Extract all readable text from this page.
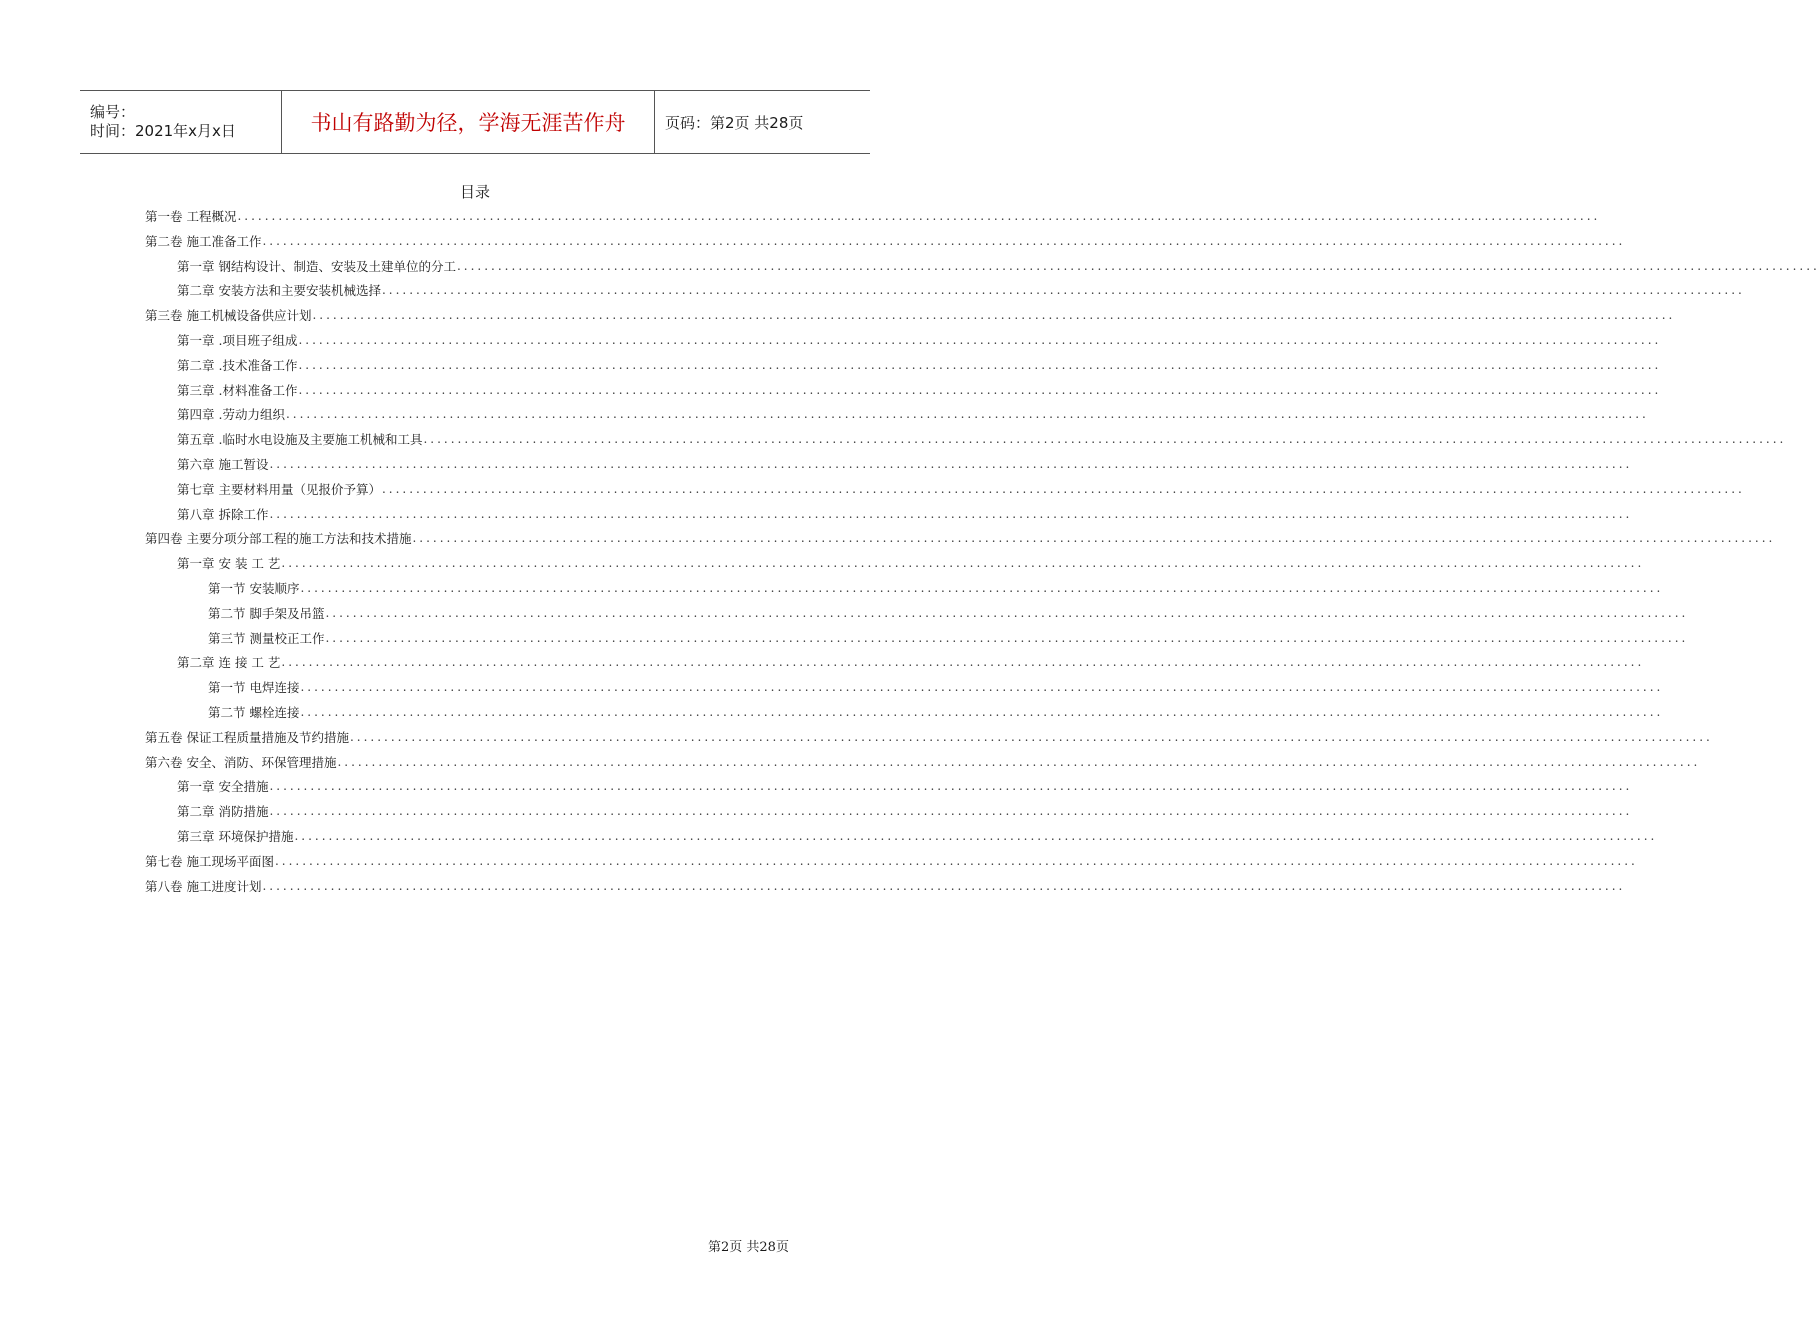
编号：
时间：2021年x月x日	书山有路勤为径，学海无涯苦作舟	页码：第2页 共28页
目录
第一卷 工程概况 ........................................................................................................................................................................................................
第二卷 施工准备工作 ........................................................................................................................................................................................................
第一章 钢结构设计、制造、安装及土建单位的分工 ........................................................................................................................................................................................................
第二章 安装方法和主要安装机械选择 ........................................................................................................................................................................................................
第三卷 施工机械设备供应计划 ........................................................................................................................................................................................................
第一章 .项目班子组成 ........................................................................................................................................................................................................
第二章 .技术准备工作 ........................................................................................................................................................................................................
第三章 .材料准备工作 ........................................................................................................................................................................................................
第四章 .劳动力组织 ........................................................................................................................................................................................................
第五章 .临时水电设施及主要施工机械和工具 ........................................................................................................................................................................................................
第六章 施工暂设 ........................................................................................................................................................................................................
第七章 主要材料用量（见报价予算） ........................................................................................................................................................................................................
第八章 拆除工作 ........................................................................................................................................................................................................
第四卷 主要分项分部工程的施工方法和技术措施 ........................................................................................................................................................................................................
第一章 安 装 工 艺 ........................................................................................................................................................................................................
第一节 安装顺序 ........................................................................................................................................................................................................
第二节 脚手架及吊篮 ........................................................................................................................................................................................................
第三节 测量校正工作 ........................................................................................................................................................................................................
第二章 连 接 工 艺 ........................................................................................................................................................................................................
第一节 电焊连接 ........................................................................................................................................................................................................
第二节 螺栓连接 ........................................................................................................................................................................................................
第五卷 保证工程质量措施及节约措施 ........................................................................................................................................................................................................
第六卷 安全、消防、环保管理措施 ........................................................................................................................................................................................................
第一章 安全措施 ........................................................................................................................................................................................................
第二章 消防措施 ........................................................................................................................................................................................................
第三章 环境保护措施 ........................................................................................................................................................................................................
第七卷 施工现场平面图 ........................................................................................................................................................................................................
第八卷 施工进度计划 ........................................................................................................................................................................................................
第2页 共28页
